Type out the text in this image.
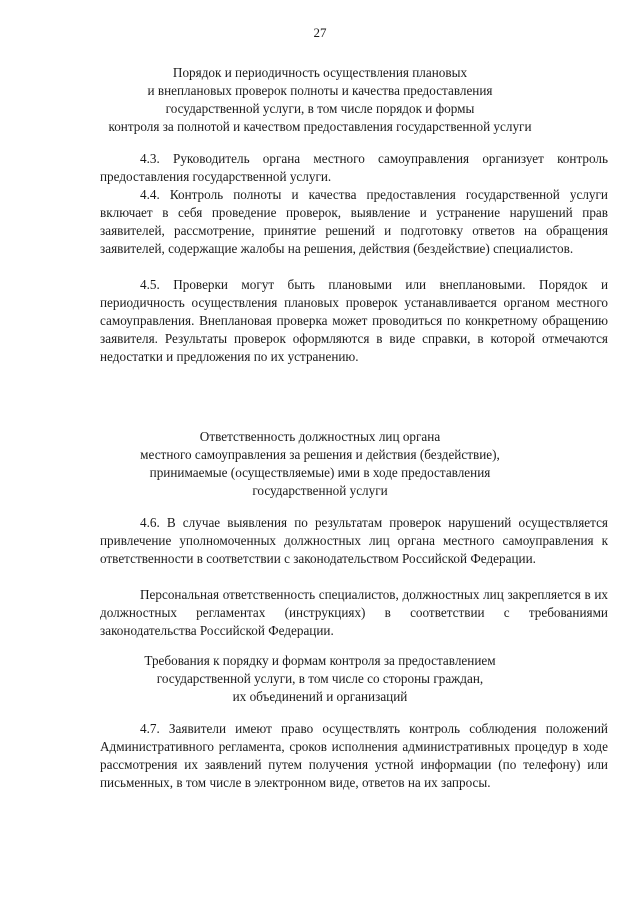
27
Порядок и периодичность осуществления плановых
и внеплановых проверок полноты и качества предоставления
государственной услуги, в том числе порядок и формы
контроля за полнотой и качеством предоставления государственной услуги

4.3. Руководитель органа местного самоуправления организует контроль предоставления государственной услуги.

4.4. Контроль полноты и качества предоставления государственной услуги включает в себя проведение проверок, выявление и устранение нарушений прав заявителей, рассмотрение, принятие решений и подготовку ответов на обращения заявителей, содержащие жалобы на решения, действия (бездействие) специалистов.

4.5. Проверки могут быть плановыми или внеплановыми. Порядок и периодичность осуществления плановых проверок устанавливается органом местного самоуправления. Внеплановая проверка может проводиться по конкретному обращению заявителя. Результаты проверок оформляются в виде справки, в которой отмечаются недостатки и предложения по их устранению.

Ответственность должностных лиц органа
местного самоуправления за решения и действия (бездействие),
принимаемые (осуществляемые) ими в ходе предоставления
государственной услуги

4.6. В случае выявления по результатам проверок нарушений осуществляется привлечение уполномоченных должностных лиц органа местного самоуправления к ответственности в соответствии с законодательством Российской Федерации.

Персональная ответственность специалистов, должностных лиц закрепляется в их должностных регламентах (инструкциях) в соответствии с требованиями законодательства Российской Федерации.

Требования к порядку и формам контроля за предоставлением
государственной услуги, в том числе со стороны граждан,
их объединений и организаций

4.7. Заявители имеют право осуществлять контроль соблюдения положений Административного регламента, сроков исполнения административных процедур в ходе рассмотрения их заявлений путем получения устной информации (по телефону) или письменных, в том числе в электронном виде, ответов на их запросы.
